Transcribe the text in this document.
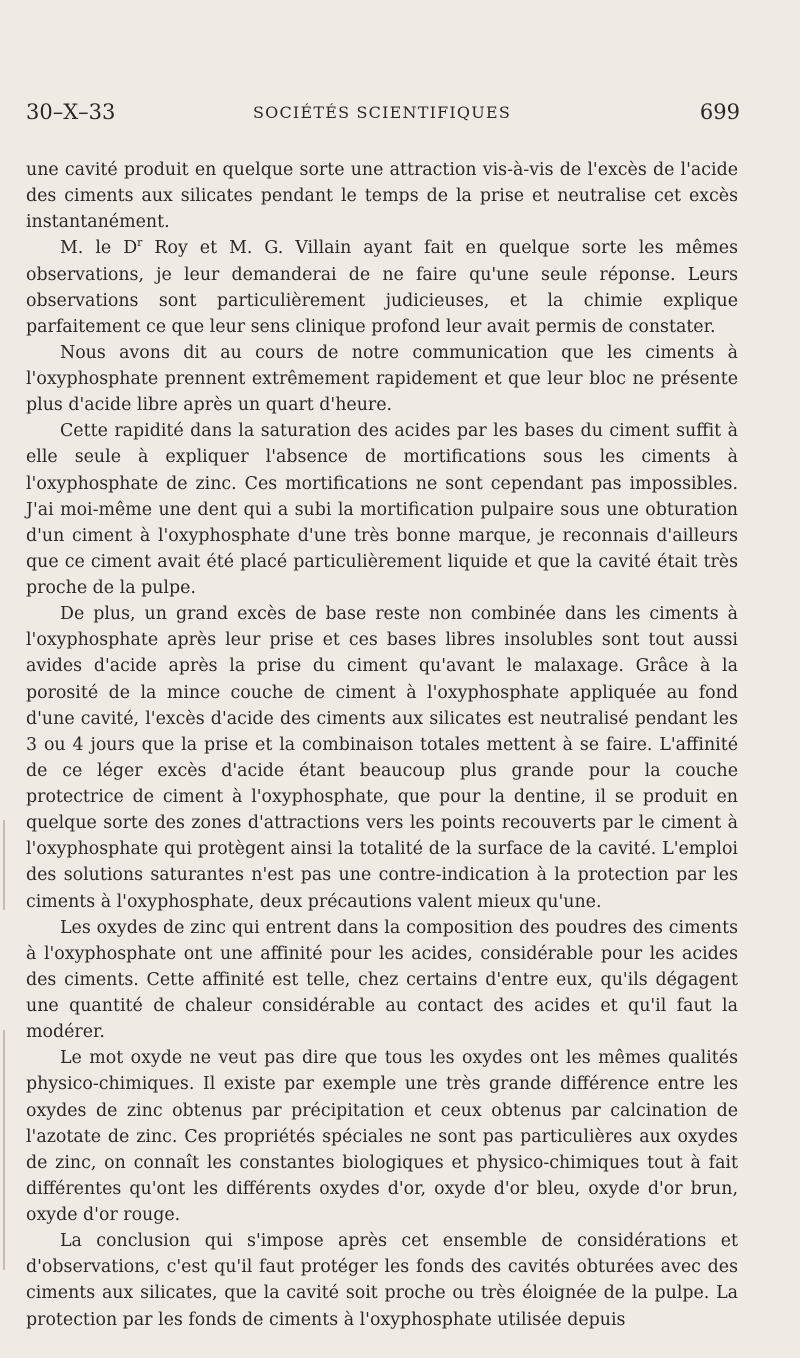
30–X–33	SOCIÉTÉS SCIENTIFIQUES	699

une cavité produit en quelque sorte une attraction vis-à-vis de l'excès de l'acide des ciments aux silicates pendant le temps de la prise et neutralise cet excès instantanément.

M. le $D^r$ Roy et M. G. Villain ayant fait en quelque sorte les mêmes observations, je leur demanderai de ne faire qu'une seule réponse. Leurs observations sont particulièrement judicieuses, et la chimie explique parfaitement ce que leur sens clinique profond leur avait permis de constater.

Nous avons dit au cours de notre communication que les ciments à l'oxyphosphate prennent extrêmement rapidement et que leur bloc ne présente plus d'acide libre après un quart d'heure.

Cette rapidité dans la saturation des acides par les bases du ciment suffit à elle seule à expliquer l'absence de mortifications sous les ciments à l'oxyphosphate de zinc. Ces mortifications ne sont cependant pas impossibles. J'ai moi-même une dent qui a subi la mortification pulpaire sous une obturation d'un ciment à l'oxyphosphate d'une très bonne marque, je reconnais d'ailleurs que ce ciment avait été placé particulièrement liquide et que la cavité était très proche de la pulpe.

De plus, un grand excès de base reste non combinée dans les ciments à l'oxyphosphate après leur prise et ces bases libres insolubles sont tout aussi avides d'acide après la prise du ciment qu'avant le malaxage. Grâce à la porosité de la mince couche de ciment à l'oxyphosphate appliquée au fond d'une cavité, l'excès d'acide des ciments aux silicates est neutralisé pendant les 3 ou 4 jours que la prise et la combinaison totales mettent à se faire. L'affinité de ce léger excès d'acide étant beaucoup plus grande pour la couche protectrice de ciment à l'oxyphosphate, que pour la dentine, il se produit en quelque sorte des zones d'attractions vers les points recouverts par le ciment à l'oxyphosphate qui protègent ainsi la totalité de la surface de la cavité. L'emploi des solutions saturantes n'est pas une contre-indication à la protection par les ciments à l'oxyphosphate, deux précautions valent mieux qu'une.

Les oxydes de zinc qui entrent dans la composition des poudres des ciments à l'oxyphosphate ont une affinité pour les acides, considérable pour les acides des ciments. Cette affinité est telle, chez certains d'entre eux, qu'ils dégagent une quantité de chaleur considérable au contact des acides et qu'il faut la modérer.

Le mot oxyde ne veut pas dire que tous les oxydes ont les mêmes qualités physico-chimiques. Il existe par exemple une très grande différence entre les oxydes de zinc obtenus par précipitation et ceux obtenus par calcination de l'azotate de zinc. Ces propriétés spéciales ne sont pas particulières aux oxydes de zinc, on connaît les constantes biologiques et physico-chimiques tout à fait différentes qu'ont les différents oxydes d'or, oxyde d'or bleu, oxyde d'or brun, oxyde d'or rouge.

La conclusion qui s'impose après cet ensemble de considérations et d'observations, c'est qu'il faut protéger les fonds des cavités obturées avec des ciments aux silicates, que la cavité soit proche ou très éloignée de la pulpe. La protection par les fonds de ciments à l'oxyphosphate utilisée depuis
